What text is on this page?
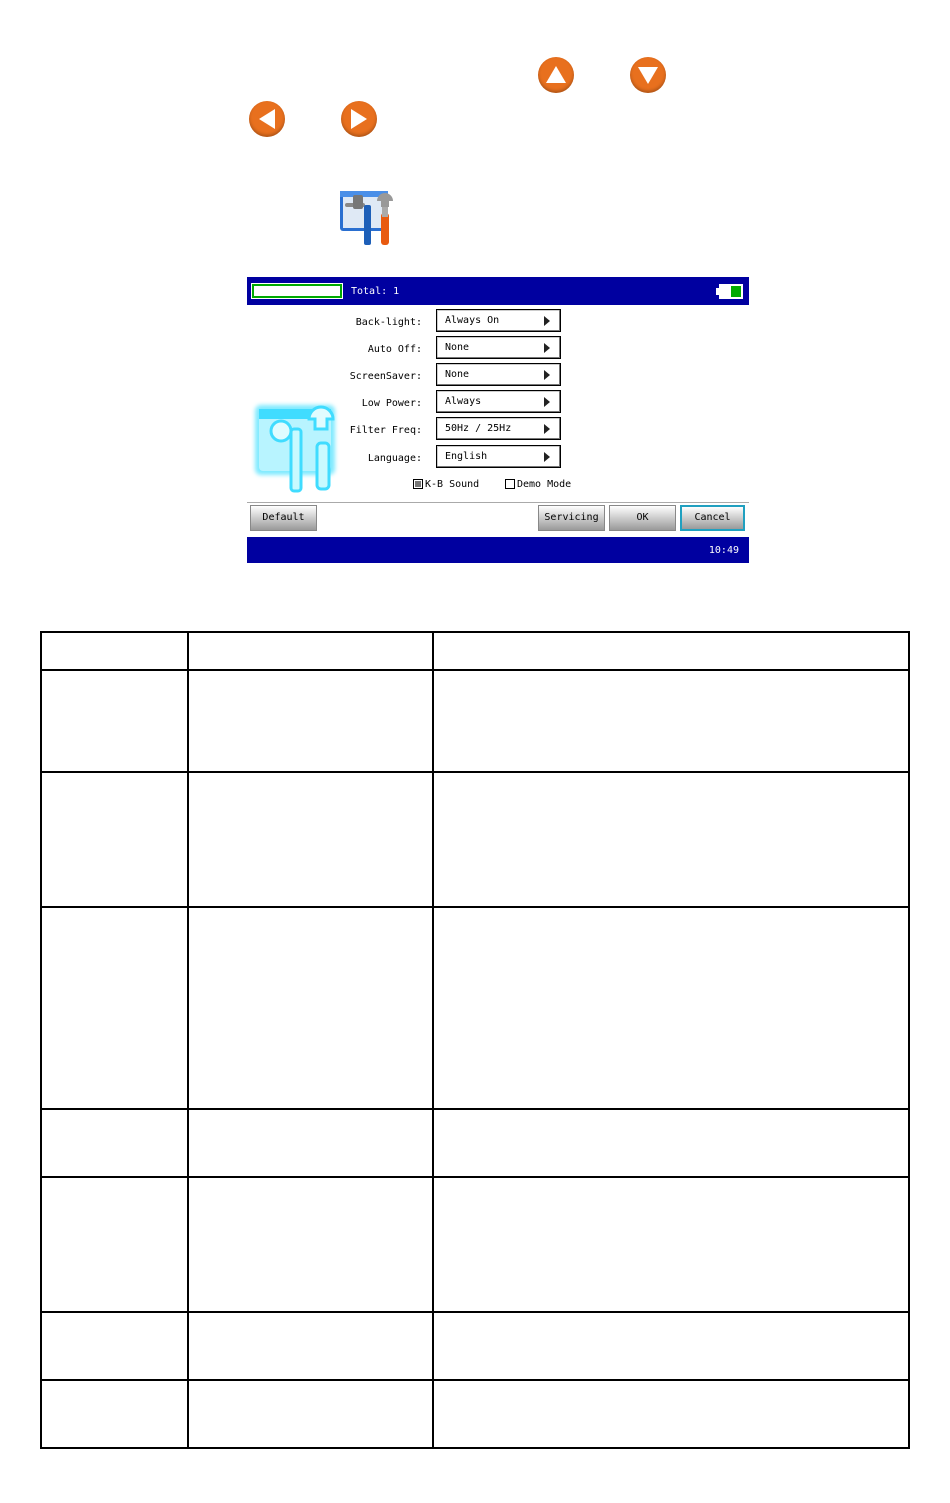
Total: 1
Back-light: Always On
Auto Off: None
ScreenSaver: None
Low Power: Always
Filter Freq: 50Hz / 25Hz
Language: English
K-B Sound	Demo Mode
Default	Servicing	OK	Cancel
10:49
